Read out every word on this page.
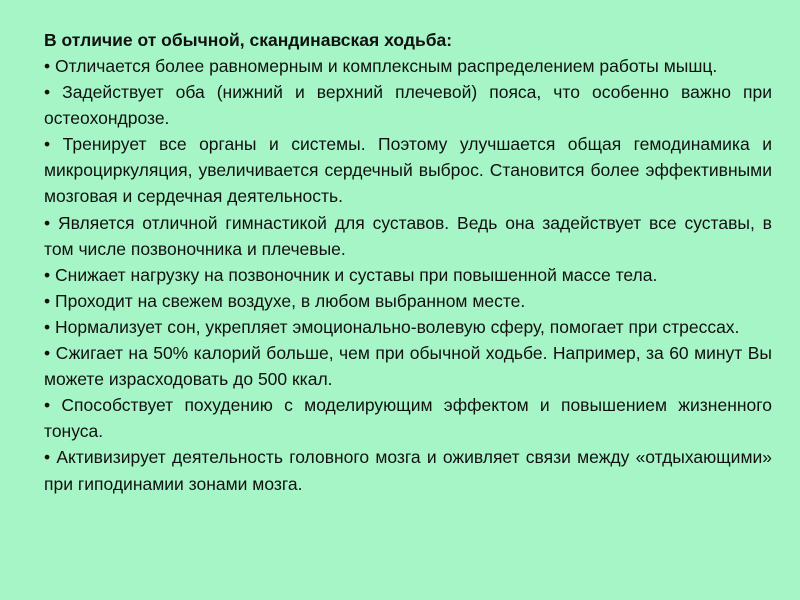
В отличие от обычной, скандинавская ходьба:
• Отличается более равномерным и комплексным распределением работы мышц.
• Задействует оба (нижний и верхний плечевой) пояса, что особенно важно при остеохондрозе.
• Тренирует все органы и системы. Поэтому улучшается общая гемодинамика и микроциркуляция, увеличивается сердечный выброс. Становится более эффективными мозговая и сердечная деятельность.
• Является отличной гимнастикой для суставов. Ведь она задействует все суставы, в том числе позвоночника и плечевые.
• Снижает нагрузку на позвоночник и суставы при повышенной массе тела.
• Проходит на свежем воздухе, в любом выбранном месте.
• Нормализует сон, укрепляет эмоционально-волевую сферу, помогает при стрессах.
• Сжигает на 50% калорий больше, чем при обычной ходьбе. Например, за 60 минут Вы можете израсходовать до 500 ккал.
• Способствует похудению с моделирующим эффектом и повышением жизненного тонуса.
• Активизирует деятельность головного мозга и оживляет связи между «отдыхающими» при гиподинамии зонами мозга.
